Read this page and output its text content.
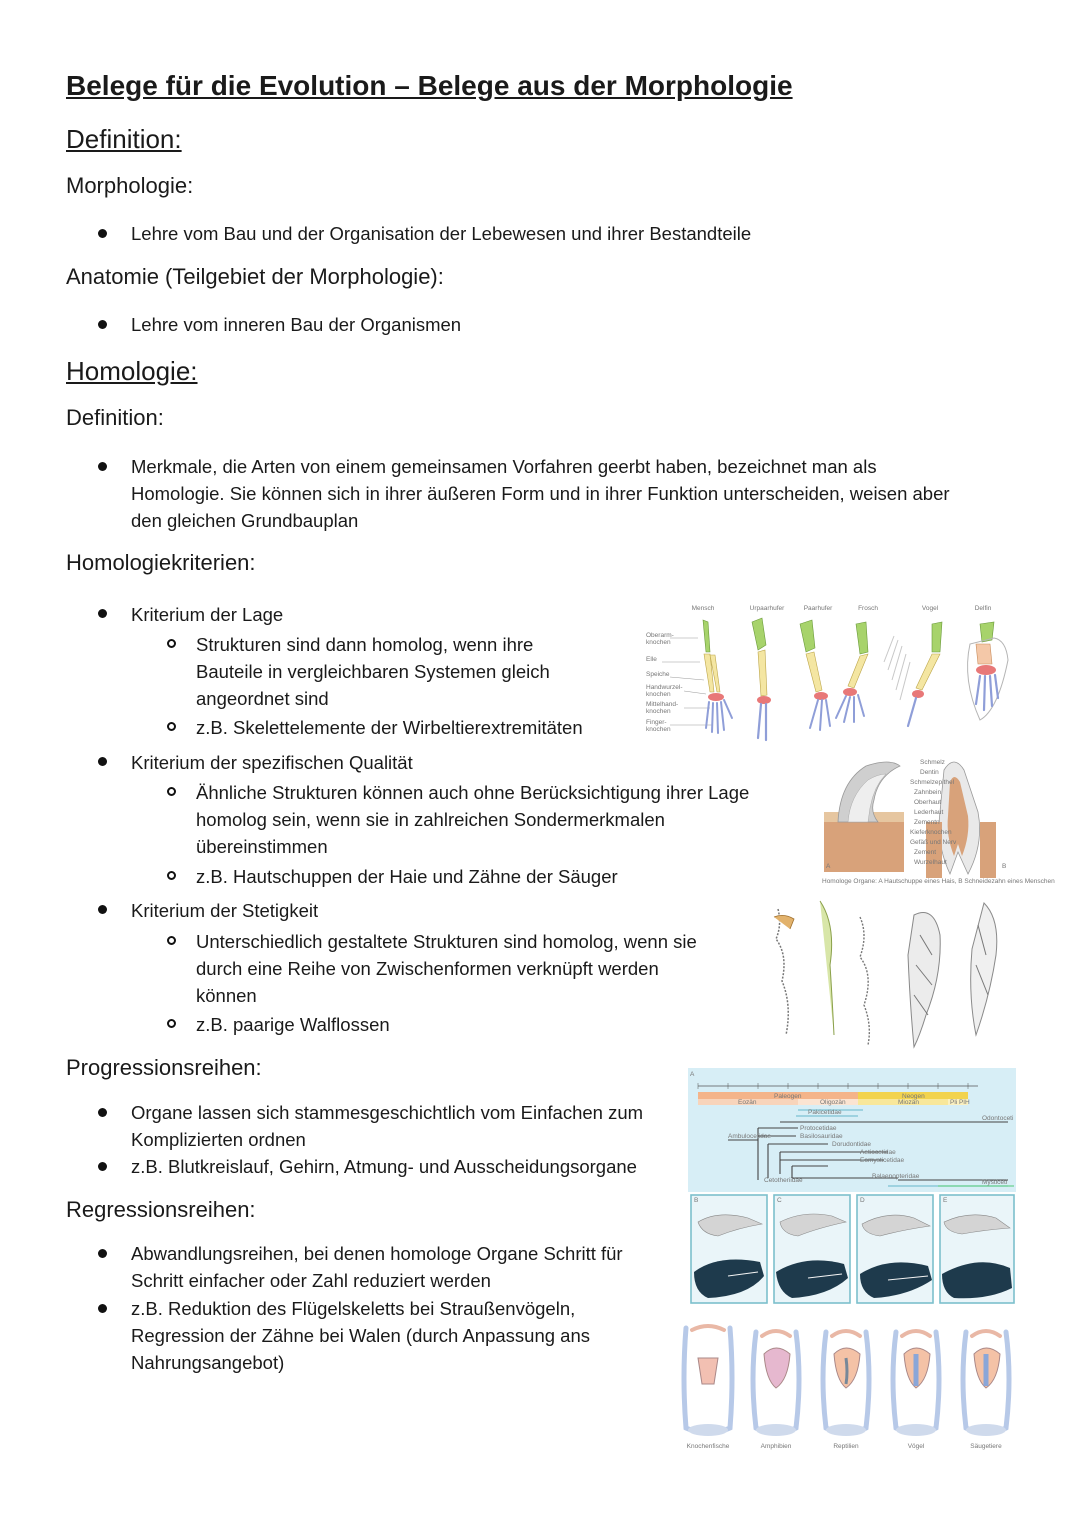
Belege für die Evolution – Belege aus der Morphologie
Definition:
Morphologie:
Lehre vom Bau und der Organisation der Lebewesen und ihrer Bestandteile
Anatomie (Teilgebiet der Morphologie):
Lehre vom inneren Bau der Organismen
Homologie:
Definition:
Merkmale, die Arten von einem gemeinsamen Vorfahren geerbt haben, bezeichnet man als
Homologie. Sie können sich in ihrer äußeren Form und in ihrer Funktion unterscheiden, weisen aber
den gleichen Grundbauplan
Homologiekriterien:
Kriterium der Lage
Strukturen sind dann homolog, wenn ihre
Bauteile in vergleichbaren Systemen gleich
angeordnet sind
z.B. Skelettelemente der Wirbeltierextremitäten
Kriterium der spezifischen Qualität
Ähnliche Strukturen können auch ohne Berücksichtigung ihrer Lage
homolog sein, wenn sie in zahlreichen Sondermerkmalen
übereinstimmen
z.B. Hautschuppen der Haie und Zähne der Säuger
Kriterium der Stetigkeit
Unterschiedlich gestaltete Strukturen sind homolog, wenn sie
durch eine Reihe von Zwischenformen verknüpft werden
können
z.B. paarige Walflossen
Progressionsreihen:
Organe lassen sich stammesgeschichtlich vom Einfachen zum
Komplizierten ordnen
z.B. Blutkreislauf, Gehirn, Atmung- und Ausscheidungsorgane
Regressionsreihen:
Abwandlungsreihen, bei denen homologe Organe Schritt für
Schritt einfacher oder Zahl reduziert werden
z.B. Reduktion des Flügelskeletts bei Straußenvögeln,
Regression der Zähne bei Walen (durch Anpassung ans
Nahrungsangebot)
Oberarm-
knochen
Elle
Speiche
Handwurzel-
knochen
Mittelhand-
knochen
Finger-
knochen
Mensch	Urpaarhufer	Paarhufer	Frosch	Vogel	Delfin
Schmelz
Dentin
Schmelzepithel
Zahnbein
Oberhaut
Lederhaut
Zementn
Kieferknochen
Gefäß und Nerv
Zement
Wurzelhaut
A	B
Homologe Organe: A Hautschuppe eines Hais, B Schneidezahn eines Menschen
A
Paleogen	Neogen
Eozän	Oligozän	Miozän	Pli Pl H
Pakicetidae
Ambulocetidae
Protocetidae
Basilosauridae
Dorudontidae
Aetiocetidae
Eomysticetidae
Cetotheriidae
Balaenopteridae
Odontoceti
Mysticeti
B	C	D	E
Knochenfische	Amphibien	Reptilien	Vögel	Säugetiere
